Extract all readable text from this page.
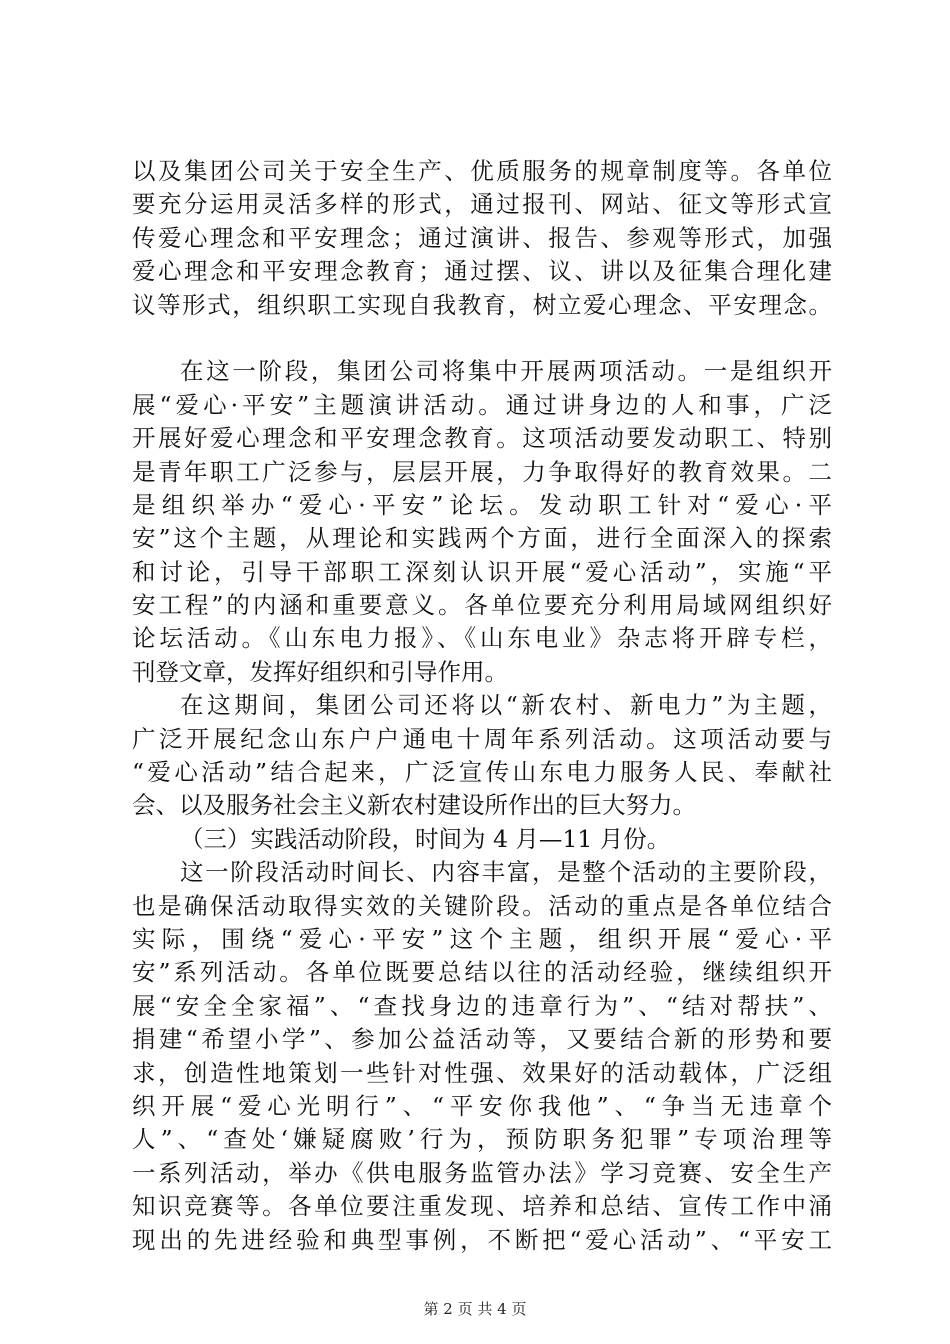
以及集团公司关于安全生产、优质服务的规章制度等。各单位
要充分运用灵活多样的形式，通过报刊、网站、征文等形式宣
传爱心理念和平安理念；通过演讲、报告、参观等形式，加强
爱心理念和平安理念教育；通过摆、议、讲以及征集合理化建
议等形式，组织职工实现自我教育，树立爱心理念、平安理念。
在这一阶段，集团公司将集中开展两项活动。一是组织开
展“爱心·平安”主题演讲活动。通过讲身边的人和事，广泛
开展好爱心理念和平安理念教育。这项活动要发动职工、特别
是青年职工广泛参与，层层开展，力争取得好的教育效果。二
是组织举办“爱心·平安”论坛。发动职工针对“爱心·平
安”这个主题，从理论和实践两个方面，进行全面深入的探索
和讨论，引导干部职工深刻认识开展“爱心活动”，实施“平
安工程”的内涵和重要意义。各单位要充分利用局域网组织好
论坛活动。《山东电力报》、《山东电业》杂志将开辟专栏，
刊登文章，发挥好组织和引导作用。
在这期间，集团公司还将以“新农村、新电力”为主题，
广泛开展纪念山东户户通电十周年系列活动。这项活动要与
“爱心活动”结合起来，广泛宣传山东电力服务人民、奉献社
会、以及服务社会主义新农村建设所作出的巨大努力。
（三）实践活动阶段，时间为 4 月—11 月份。
这一阶段活动时间长、内容丰富，是整个活动的主要阶段，
也是确保活动取得实效的关键阶段。活动的重点是各单位结合
实际，围绕“爱心·平安”这个主题，组织开展“爱心·平
安”系列活动。各单位既要总结以往的活动经验，继续组织开
展“安全全家福”、“查找身边的违章行为”、“结对帮扶”、
捐建“希望小学”、参加公益活动等，又要结合新的形势和要
求，创造性地策划一些针对性强、效果好的活动载体，广泛组
织开展“爱心光明行”、“平安你我他”、“争当无违章个
人”、“查处‘嫌疑腐败’行为，预防职务犯罪”专项治理等
一系列活动，举办《供电服务监管办法》学习竞赛、安全生产
知识竞赛等。各单位要注重发现、培养和总结、宣传工作中涌
现出的先进经验和典型事例，不断把“爱心活动”、“平安工
第 2 页 共 4 页
